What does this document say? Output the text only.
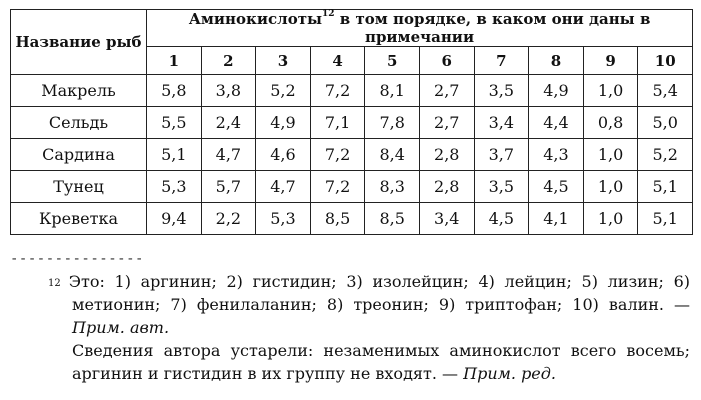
Название рыб	Аминокислоты$^{12}$ в том порядке, в каком они даны в примечании									
	1	2	3	4	5	6	7	8	9	10
Макрель	5,8	3,8	5,2	7,2	8,1	2,7	3,5	4,9	1,0	5,4
Сельдь	5,5	2,4	4,9	7,1	7,8	2,7	3,4	4,4	0,8	5,0
Сардина	5,1	4,7	4,6	7,2	8,4	2,8	3,7	4,3	1,0	5,2
Тунец	5,3	5,7	4,7	7,2	8,3	2,8	3,5	4,5	1,0	5,1
Креветка	9,4	2,2	5,3	8,5	8,5	3,4	4,5	4,1	1,0	5,1
---------------

$^{12}$ Это: 1) аргинин; 2) гистидин; 3) изолейцин; 4) лейцин; 5) лизин; 6) метионин; 7) фенилаланин; 8) треонин; 9) триптофан; 10) валин. — Прим. авт.

Сведения автора устарели: незаменимых аминокислот всего восемь; аргинин и гистидин в их группу не входят. — Прим. ред.
